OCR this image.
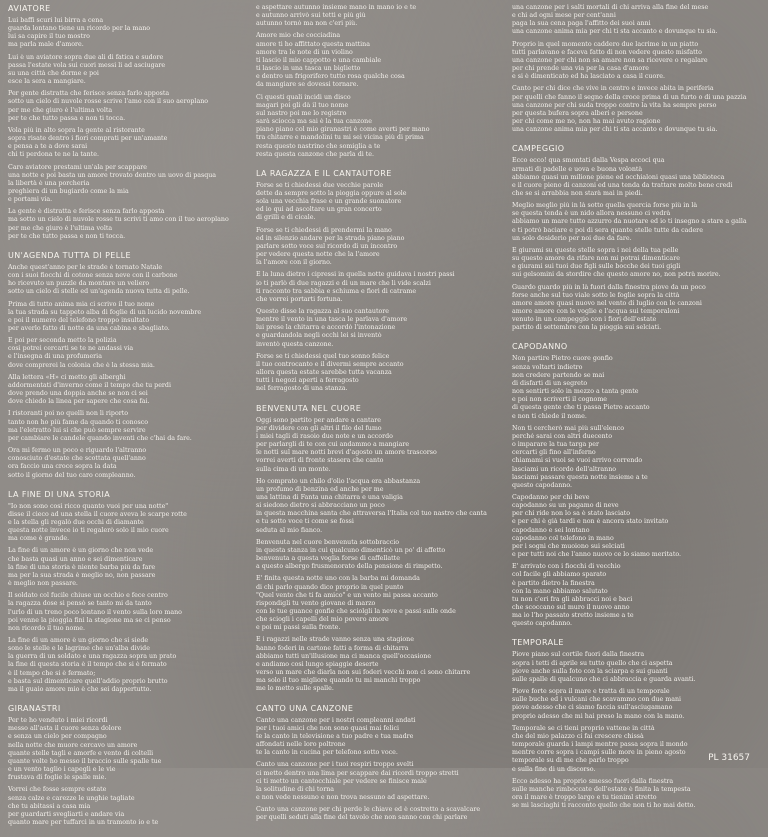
AVIATORE
Lui baffi scuri lui birra a cena
guarda lontano tiene un ricordo per la mano
lui sa capire il tuo mostro
ma parla male d'amore.
Lui è un aviatore sopra due ali di fatica e sudore
passa l'estate vola sui cuori messi li ad asciugare
su una città che dorme e poi
esce la sera a mangiare.
Per gente distratta che ferisce senza farlo apposta
sotto un cielo di nuvole rosse scrive l'amo con il suo aeroplano
per me che giuro è l'ultima volta
per te che tutto passa e non ti tocca.
Vola più in alto sopra la gente al ristorante
sopra risate dentro i fiori comprati per un'amante
e pensa a te a dove sarai
chi ti perdona te ne la tante.
Caro aviatore prestami un'ala per scappare
una notte e poi basta un amore trovato dentro un uovo di pasqua
la libertà è una porcheria
preghiera di un bugiardo come la mia
e portami via.
La gente è distratta e ferisce senza farlo apposta
ma sotto un cielo di nuvole rosse tu scrivi ti amo con il tuo aeroplano
per me che giuro è l'ultima volta
per te che tutto passa e non ti tocca.
UN'AGENDA TUTTA DI PELLE
Anche quest'anno per le strade è tornato Natale
con i suoi fiocchi di cotone senza neve con il carbone
ho ricevuto un puzzle da montare un veliero
sotto un cielo di stelle ed un'agenda nuova tutta di pelle.
Prima di tutto anima mia ci scrivo il tuo nome
la tua strada su tappeto alba di foglie di un lucido novembre
e poi il numero del telefono troppo insultato
per averlo fatto di notte da una cabina e sbagliato.
E poi per seconda metto la polizia
così potrei cercarti se te ne andassi via
e l'insegna di una profumeria
dove comprerei la colonia che è la stessa mia.
Alla lettera «H» ci metto gli alberghi
addormentati d'inverno come il tempo che tu perdi
dove prendo una doppia anche se non ci sei
dove chiedo la linea per sapere che cosa fai.
I ristoranti poi no quelli non li riporto
tanto non ho più fame da quando ti conosco
ma l'eletratto lui si che può sempre servire
per cambiare le candele quando inventi che c'hai da fare.
Ora mi fermo un poco e riguardo l'altranno
conosciuto d'estate che scottata quell'anno
ora faccio una croce sopra la data
sotto il giorno del tuo caro compleanno.
LA FINE DI UNA STORIA
"Io non sono così ricco quanto vuoi per una notte"
disse il cieco ad una stella il cuore aveva le scarpe rotte
e la stella gli regalò due occhi di diamante
questa notte invece io ti regalerò solo il mio cuore
ma come è grande.
La fine di un amore è un giorno che non vede
che basta quasi un anno e sei dimenticare
la fine di una storia è niente barba più da fare
ma per la sua strada è meglio no, non passare
è meglio non passare.
Il soldato col fucile chiuse un occhio e fece centro
la ragazza dose si pensò se tanto mi da tanto
l'urlo di un treno poco lontano il vento sulla loro mano
poi venne la pioggia fini la stagione ma se ci penso
non ricordo il tuo nome.
La fine di un amore è un giorno che si siede
sono le stelle e le lagrime che un'alba divide
la guerra di un soldato e una ragazza sopra un prato
la fine di questa storia è il tempo che si è fermato
è il tempo che si è fermato;
e basta sul dimenticare quell'addio proprio brutto
ma il guaio amore mio è che sei dappertutto.
GIRANASTRI
Per te ho venduto i miei ricordi
messo all'asta il cuore senza dolore
e senza un cielo per compagno
nella notte che muore cercavo un amore
quante stelle tagli e amorfe e vento di coltelli
quante volte ho messo il braccio sulle spalle tue
e un vento taglio i capegli e le vie
frustava di foglie le spalle mie.
Vorrei che fosse sempre estate
senza calze e carezze le unghie tagliate
che tu abitassi a casa mia
per guardarti svegliarti e andare via
quanto mare per tuffarci in un tramonto io e te
e aspettare autunno insieme mano in mano io e te
e autunno arrivò sui tetti e più giù
autunno tornò ma non c'eri più.
Amore mio che cocciadina
amore ti ho affittato questa mattina
amore tra le note di un violino
ti lascio il mio cappotto e una cambiale
ti lascio in una tasca un biglietto
e dentro un frigorifero tutto rosa qualche cosa
da mangiare se dovessi tornare.
Ci questi quali incidi un disco
magari poi gli dà il tuo nome
sul nastro poi me lo registro
sarà sciocca ma sai è la tua canzone
piano piano col mio giranastri è come averti per mano
tra chitarre e mandolini tu mi sei vicina più di prima
resta questo nastrino che somiglia a te
resta questa canzone che parla di te.
LA RAGAZZA E IL CANTAUTORE
Forse se ti chiedessi due vecchie parole
dette da sempre sotto la pioggia oppure al sole
sola una vecchia frase e un grande suonatore
ed io qui ad ascoltare un gran concerto
di grilli e di cicale.
Forse se ti chiedessi di prendermi la mano
ed in silenzio andare per la strada piano piano
parlare sotto voce sul ricordo di un incontro
per vedere questa notte che la l'amore
la l'amore con il giorno.
E la luna dietro i cipressi in quella notte guidava i nostri passi
io ti parlò di due ragazzi e di un mare che li vide scalzi
ti racconto tra sabbia e schiuma e fiori di catrame
che vorrei portarti fortuna.
Questo disse la ragazza al suo cantautore
mentre il vento in una tasca le parlava d'amore
lui prese la chitarra e accordò l'intonazione
e guardandola negli occhi lei si inventò
inventò questa canzone.
Forse se ti chiedessi quel tuo sonno felice
il tuo controcanto e il divermi sempre accanto
allora questa estate sarebbe tutta vacanza
tutti i negozi aperti a ferragosto
nel ferragosto di una stanza.
BENVENUTA NEL CUORE
Oggi sono partito per andare a cantare
per dividere con gli altri il filo del fumo
i miei tagli di rasoio due note e un accordo
per parlargli di te con cui andammo a mangiare
le notti sul mare notti brevi d'agosto un amore trascorso
vorrei averti di fronte stasera che canto
sulla cima di un monte.
Ho comprato un chilo d'olio l'acqua era abbastanza
un profumo di benzina ed anche per me
una lattina di Fanta una chitarra e una valigia
si siedono dietro si abbracciano un poco
in questa macchina santa che attraversa l'Italia col tuo nastro che canta
e tu sotto voce ti come se fossi
seduta al mio fianco.
Benvenuta nel cuore benvenuta sottobraccio
in questa stanza in cui qualcuno dimenticò un po' di affetto
benvenuta a questa voglia forse di caffellatte
a questo albergo frusmenorato della pensione di rimpetto.
E' finita questa notte uno con la barba mi domanda
di chi parlo quando dico proprio in quel punto
"Quel vento che ti fa amico" e un vento mi passa accanto
rispondigli tu vento giovane di marzo
con le tue guance gonfie che sciolgli la neve e passi sulle onde
che sciogli i capelli del mio povero amore
e poi mi passi sulla fronte.
E i ragazzi nelle strade vanno senza una stagione
hanno foderi in cartone fatti a forma di chitarra
abbiamo tutti un'illusione ma ci manca quell'occasione
e andiamo così lungo spiaggie deserte
verso un mare che diarla non sui foderi vecchi non ci sono chitarre
ma solo il tuo migliore quando tu mi manchi troppo
me lo metto sulle spalle.
CANTO UNA CANZONE
Canto una canzone per i nostri compleanni andati
per i tuoi amici che non sono quasi mai felici
te la canto in televisione a tuo padre e tua madre
affondati nelle loro poltrone
te la canto in cucina per telefono sotto voce.
Canto una canzone per i tuoi respiri troppo svelti
ci metto dentro una lima per scappare dai ricordi troppo stretti
ci ti metto un cantocchiale per vedere se finisce male
la solitudine di chi torna
e non vede nessuno e non trova nessuno ad aspettare.
Canto una canzone per chi perde le chiave ed è costretto a scavalcare
per quelli seduti alla fine del tavolo che non sanno con chi parlare
una canzone per i salti mortali di chi arriva alla fine del mese
e chi ad ogni mese per cent'anni
paga la sua cena paga l'affitto dei suoi anni
una canzone anima mia per chi ti sta accanto e dovunque tu sia.
Proprio in quel momento caddero due lacrime in un piatto
tutti parlavano e faceva fatto di non vedere questo misfatto
una canzone per chi non sa amare non sa ricevere o regalare
per chi prende una via per la casa d'amore
e si è dimenticato ed ha lasciato a casa il cuore.
Canto per chi dice che vive in centro e invece abita in periferia
per quelli che fanno il segno della croce prima di un furto o di una pazzia
una canzone per chi suda troppo contro la vita ha sempre perso
per questa bufera sopra alberi e persone
per chi come me no, non ha mai avuto ragione
una canzone anima mia per chi ti sta accanto e dovunque tu sia.
CAMPEGGIO
Ecco ecco! qua smontati dalla Vespa eccoci qua
armati di padelle e uova e buona volontà
abbiamo quasi un milione piene ed occhialoni quasi una biblioteca
e il cuore pieno di canzoni ed una tenda da trattare molto bene credi
che se si arrabbia non starà mai in piedi.
Meglio meglio più in là sotto quella quercia forse più in là
se questa tenda è un nido allora nessuno ci vedrà
abbiamo un mare tutto azzurro da nuotare ed io ti insegno a stare a galla
e ti potrò baciare e poi di sera quante stelle tutte da cadere
un solo desiderio per noi due da fare.
E giurami su queste stelle sopra i nei della tua pelle
su questo amore da rifare non mi potrai dimenticare
e giurami sui tuoi due figli sulle bocche dei tuoi gigli
sui gelsomini da stordire che questo amore no, non potrà morire.
Guardo guardo più in là fuori dalla finestra piove da un poco
forse anche sul tuo viale sotto le foglie sopra la città
amore amore quasi nuovo nel vento di luglio con le canzoni
amore amore con le voglie e l'acqua sui temporaloni
venuto in un campeggio con i fiori dell'estate
partito di settembre con la pioggia sui selciati.
CAPODANNO
Non partire Pietro cuore gonfio
senza voltarti indietro
non credere partendo se mai
di disfarti di un segreto
non sentirti solo in mezzo a tanta gente
e poi non scriverti il cognome
di questa gente che ti passa Pietro accanto
e non ti chiede il nome.
Non ti cercherò mai più sull'elenco
perché sarai con altri duecento
o imparare la tua targa per
cercarti gli fino all'inferno
chiamami si vuoi se vuoi arrivo correndo
lasciami un ricordo dell'altranno
lasciami passare questa notte insieme a te
questo capodanno.
Capodanno per chi beve
capodanno su un pagamo di neve
per chi ride non lo sa è stato lasciato
e per chi è già tardi e non è ancora stato invitato
capodanno e sei lontano
capodanno col telefono in mano
per i sogni che muoiono sui selciati
e per tutti noi che l'anno nuovo ce lo siamo meritato.
E' arrivato con i fiocchi di vecchio
col facile gli abbiamo sparato
è partito dietro la finestra
con la mano abbiamo salutato
tu non c'eri fra gli abbracci noi e baci
che scoccano sul muro il nuovo anno
ma io l'ho passato stretto insieme a te
questo capodanno.
TEMPORALE
Piove piano sul cortile fuori dalla finestra
sopra i tetti di aprile su tutto quello che ci aspetta
piove anche sulla foto con la sciarpa e sui guanti
sulle spalle di qualcuno che ci abbraccia e guarda avanti.
Piove forte sopra il mare e tratta di un temporale
sulle buche ed i vulcani che scavammo con due mani
piove adesso che ci siamo faccia sull'asciugamano
proprio adesso che mi hai preso la mano con la mano.
Temporale se ci tieni proprio vattene in città
che del mio palazzo ci fai crescere chissà
temporale guarda i lampi mentre passa sopra il mondo
mentre corre sopra i campi sulle more in pieno agosto
temporale su di me che parlo troppo
e sulla fine di un discorso.
Ecco adesso ha proprio smesso fuori dalla finestra
sulle manche rimboccate dell'estate è finita la tempesta
ora il mare è troppo largo e tu tieniml stretto
se mi lasciaghi ti racconto quello che non ti ho mai detto.
PL 31657
